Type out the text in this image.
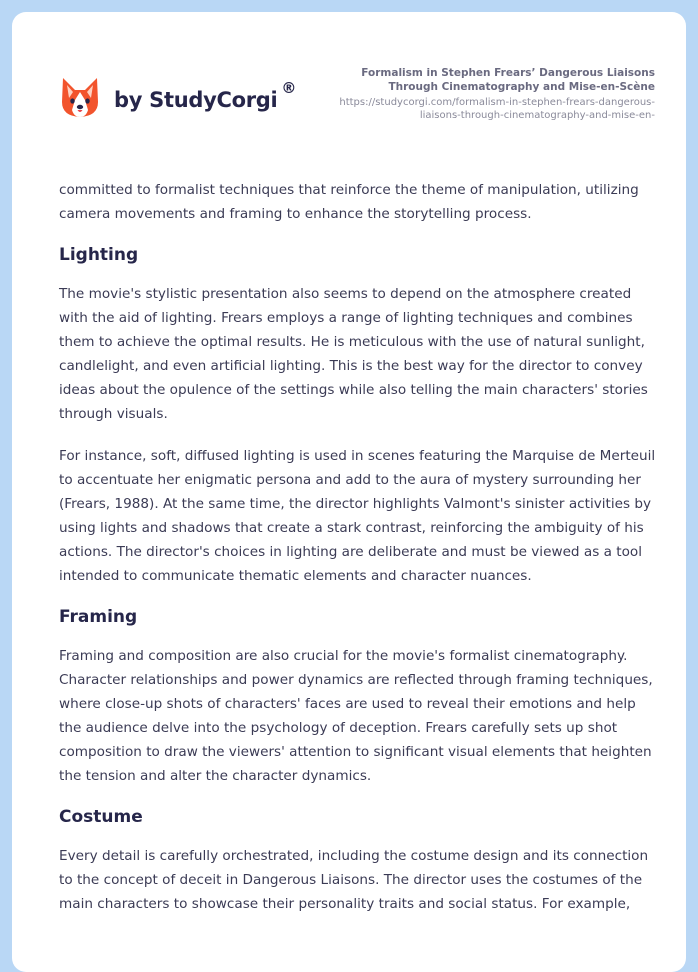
by StudyCorgi ®
Formalism in Stephen Frears’ Dangerous Liaisons Through Cinematography and Mise-en-Scène
https://studycorgi.com/formalism-in-stephen-frears-dangerous-liaisons-through-cinematography-and-mise-en-

committed to formalist techniques that reinforce the theme of manipulation, utilizing camera movements and framing to enhance the storytelling process.

Lighting

The movie's stylistic presentation also seems to depend on the atmosphere created with the aid of lighting. Frears employs a range of lighting techniques and combines them to achieve the optimal results. He is meticulous with the use of natural sunlight, candlelight, and even artificial lighting. This is the best way for the director to convey ideas about the opulence of the settings while also telling the main characters' stories through visuals.

For instance, soft, diffused lighting is used in scenes featuring the Marquise de Merteuil to accentuate her enigmatic persona and add to the aura of mystery surrounding her (Frears, 1988). At the same time, the director highlights Valmont's sinister activities by using lights and shadows that create a stark contrast, reinforcing the ambiguity of his actions. The director's choices in lighting are deliberate and must be viewed as a tool intended to communicate thematic elements and character nuances.

Framing

Framing and composition are also crucial for the movie's formalist cinematography. Character relationships and power dynamics are reflected through framing techniques, where close-up shots of characters' faces are used to reveal their emotions and help the audience delve into the psychology of deception. Frears carefully sets up shot composition to draw the viewers' attention to significant visual elements that heighten the tension and alter the character dynamics.

Costume

Every detail is carefully orchestrated, including the costume design and its connection to the concept of deceit in Dangerous Liaisons. The director uses the costumes of the main characters to showcase their personality traits and social status. For example,
